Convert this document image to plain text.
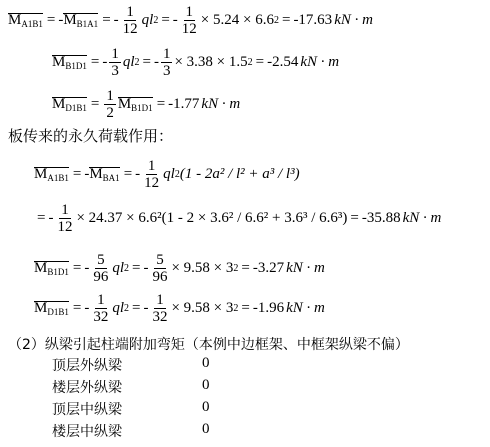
$M_{A1B1}$ = - $M_{B1A1}$ = - $\frac{1}{12}$ ql 2 = - $\frac{1}{12} \times 5.24 \times 6.6$ 2 = -17.63 kN · m
$M_{B1D1}$ = - $\frac{1}{3}$ ql 2 = - $\frac{1}{3} \times 3.38 \times 1.5$ 2 = -2.54 kN · m
$M_{D1B1} = \frac{1}{2} M_{B1D1} = -1.77$ kN · m
板传来的永久荷载作用：
$M_{A1B1}$ = - $M_{BA1}$ = - $\frac{1}{12}$ ql 2 (1 - 2a² / l² + a³ / l³)
= - $\frac{1}{12} \times 24.37 \times 6.6^2(1 - 2 \times 3.6^2 / 6.6^2 + 3.6^3 / 6.6^3) = -35.88$ kN · m
$M_{B1D1}$ = - $\frac{5}{96}$ ql 2 = - $\frac{5}{96} \times 9.58 \times 3$ 2 = -3.27 kN · m
$M_{D1B1}$ = - $\frac{1}{32}$ ql 2 = - $\frac{1}{32} \times 9.58 \times 3$ 2 = -1.96 kN · m
（2）纵梁引起柱端附加弯矩（本例中边框架、中框架纵梁不偏）
顶层外纵梁	0
楼层外纵梁	0
顶层中纵梁	0
楼层中纵梁	0
